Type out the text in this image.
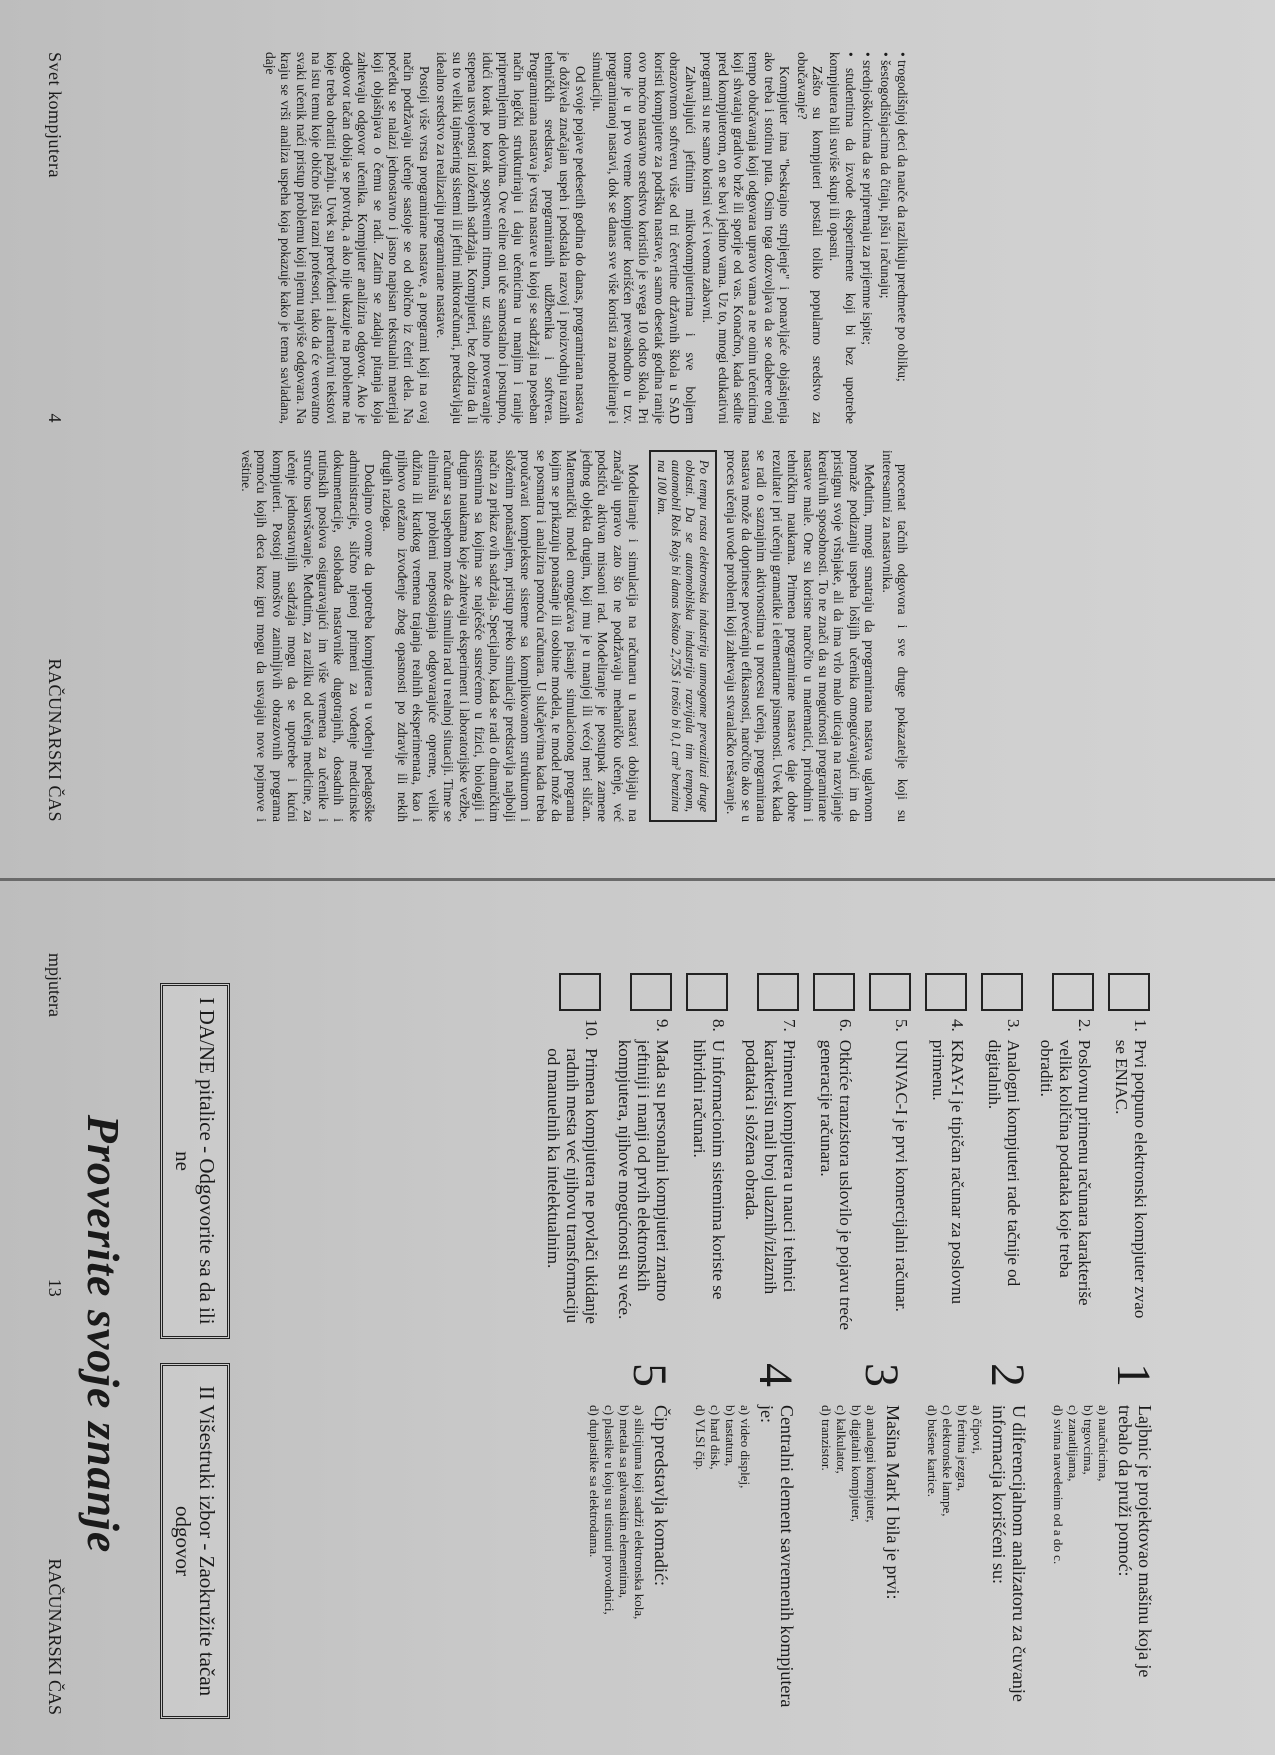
• trogodišnjoj deci da nauče da razlikuju predmete po obliku;

• šestogodišnjacima da čitaju, pišu i računaju;

• srednjoškolcima da se pripremaju za prijemne ispite;

• studentima da izvode eksperimente koji bi bez upotrebe kompjutera bili suviše skupi ili opasni.

Zašto su kompjuteri postali toliko popularno sredstvo za obučavanje?

Kompjuter ima "beskrajno strpljenje" i ponavljaće objašnjenja ako treba i stotinu puta. Osim toga dozvoljava da se odabere onaj tempo obučavanja koji odgovara upravo vama a ne onim učenicima koji shvataju gradivo brže ili sporije od vas. Konačno, kada sedite pred kompjuterom, on se bavi jedino vama. Uz to, mnogi edukativni programi su ne samo korisni već i veoma zabavni.

Zahvaljujući jeftinim mikrokompjuterima i sve boljem obrazovnom softveru više od tri četvrtine državnih škola u SAD koristi kompjutere za podršku nastave, a samo desetak godina ranije ovo moćno nastavno sredstvo koristilo je svega 10 odsto škola. Pri tome je u prvo vreme kompjuter korišćen prevashodno u tzv. programiranoj nastavi, dok se danas sve više koristi za modeliranje i simulaciju.

Od svoje pojave pedesetih godina do danas, programirana nastava je doživela značajan uspeh i podstakla razvoj i proizvodnju raznih tehničkih sredstava, programiranih udžbenika i softvera. Programirana nastava je vrsta nastave u kojoj se sadržaji na poseban način logički strukturiraju i daju učenicima u manjim i ranije pripremljenim delovima. Ove celine oni uče samostalno i postupno, idući korak po korak sopstvenim ritmom, uz stalno proveravanje stepena usvojenosti izloženih sadržaja. Kompjuteri, bez obzira da li su to veliki tajmšering sistemi ili jeftini mikroračunari, predstavljaju idealno sredstvo za realizaciju programirane nastave.

Postoji više vrsta programirane nastave, a programi koji na ovaj način podržavaju učenje sastoje se od obično iz četiri dela. Na početku se nalazi jednostavno i jasno napisan tekstualni materijal koji objašnjava o čemu se radi. Zatim se zadaju pitanja koja zahtevaju odgovor učenika. Kompjuter analizira odgovor. Ako je odgovor tačan dobija se potvrda, a ako nije ukazuje na probleme na koje treba obratiti pažnju. Uvek su predviđeni i alternativni tekstovi na istu temu koje obično pišu razni profesori, tako da će verovatno svaki učenik naći pristup problemu koji njemu najviše odgovara. Na kraju se vrši analiza uspeha koja pokazuje kako je tema savladana, daje

procenat tačnih odgovora i sve druge pokazatelje koji su interesantni za nastavnika.

Međutim, mnogi smatraju da programirana nastava uglavnom pomaže podizanju uspeha lošijih učenika omogućavajući im da pristignu svoje vršnjake, ali da ima vrlo malo uticaja na razvijanje kreativnih sposobnosti. To ne znači da su mogućnosti programirane nastave male. One su korisne naročito u matematici, prirodnim i tehničkim naukama. Primena programirane nastave daje dobre rezultate i pri učenju gramatike i elementarne pismenosti. Uvek kada se radi o saznajnim aktivnostima u procesu učenja, programirana nastava može da doprinese povećanju efikasnosti, naročito ako se u proces učenja uvode problemi koji zahtevaju stvaralačko rešavanje.

Po tempu rasta elektronska industrija umnogome prevazilazi druge oblasti. Da se automobilska industrija razvijala tim tempom, automobil Rols Rojs bi danas koštao 2,75$ i trošio bi 0,1 cm³ benzina na 100 km.

Modeliranje i simulacija na računaru u nastavi dobijaju na značaju upravo zato što ne podržavaju mehaničko učenje, već podstiču aktivan misaoni rad. Modeliranje je postupak zamene jednog objekta drugim, koji mu je u manjoj ili većoj meri sličan. Matematički model omogućava pisanje simulacionog programa kojim se prikazuju ponašanje ili osobine modela, te model može da se posmatra i analizira pomoću računara. U slučajevima kada treba proučavati kompleksne sisteme sa komplikovanom strukturom i složenim ponašanjem, pristup preko simulacije predstavlja najbolji način za prikaz ovih sadržaja. Specijalno, kada se radi o dinamičkim sistemima sa kojima se najčešće susrećemo u fizici, biologiji i drugim naukama koje zahtevaju eksperiment i laboratorijske vežbe, računar sa uspehom može da simulira rad u realnoj situaciji. Time se eliminišu problemi nepostojanja odgovarajuće opreme, velike dužina ili kratkog vremena trajanja realnih eksperimenata, kao i njihovo otežano izvođenje zbog opasnosti po zdravlje ili nekih drugih razloga.

Dodajmo ovome da upotreba kompjutera u vođenju pedagoške administracije, slično njenoj primeni za vođenje medicinske dokumentacije, oslobađa nastavnike dugotrajnih, dosadnih i rutinskih poslova osiguravajući im više vremena za učenike i stručno usavršavanje. Međutim, za razliku od učenja medicine, za učenje jednostavnijih sadržaja mogu da se upotrebe i kućni kompjuteri. Postoji mnoštvo zanimljivih obrazovnih programa pomoću kojih deca kroz igru mogu da usvajaju nove pojmove i veštine.

Svet kompjutera
4
RAČUNARSKI ČAS
1.
Prvi potpuno elektronski kompjuter zvao se ENIAC.
2.
Poslovnu primenu računara karakteriše velika količina podataka koje treba obraditi.
3.
Analogni kompjuteri rade tačnije od digitalnih.
4.
KRAY-I je tipičan računar za poslovnu primenu.
5.
UNIVAC-I je prvi komercijalni računar.
6.
Otkriće tranzistora uslovilo je pojavu treće generacije računara.
7.
Primenu kompjutera u nauci i tehnici karakterišu mali broj ulaznih/izlaznih podataka i složena obrada.
8.
U informacionim sistemima koriste se hibridni računari.
9.
Mada su personalni kompjuteri znatno jeftiniji i manji od prvih elektronskih kompjutera, njihove mogućnosti su veće.
10.
Primena kompjutera ne povlači ukidanje radnih mesta već njihovu transformaciju od manuelnih ka intelektualnim.
1
Lajbnic je projektovao mašinu koja je trebalo da pruži pomoć:
a) naučnicima,
b) trgovcima,
c) zanatlijama,
d) svima navedenim od a do c.
2
U diferencijalnom analizatoru za čuvanje informacija korišćeni su:
a) čipovi,
b) feritna jezgra,
c) elektronske lampe,
d) bušene kartice.
3
Mašina Mark I bila je prvi:
a) analogni kompjuter,
b) digitalni kompjuter,
c) kalkulator,
d) tranzistor.
4
Centralni element savremenih kompjutera je:
a) video displej,
b) tastatura,
c) hard disk,
d) VLSI čip.
5
Čip predstavlja komadić:
a) silicijuma koji sadrži elektronska kola,
b) metala sa galvanskim elementima,
c) plastike u koju su utisnuti provodnici,
d) duplastike sa elektrodama.
I DA/NE pitalice - Odgovorite sa da ili ne
II Višestruki izbor - Zaokružite tačan odgovor
Proverite svoje znanje
mpjutera
13
RAČUNARSKI ČAS
